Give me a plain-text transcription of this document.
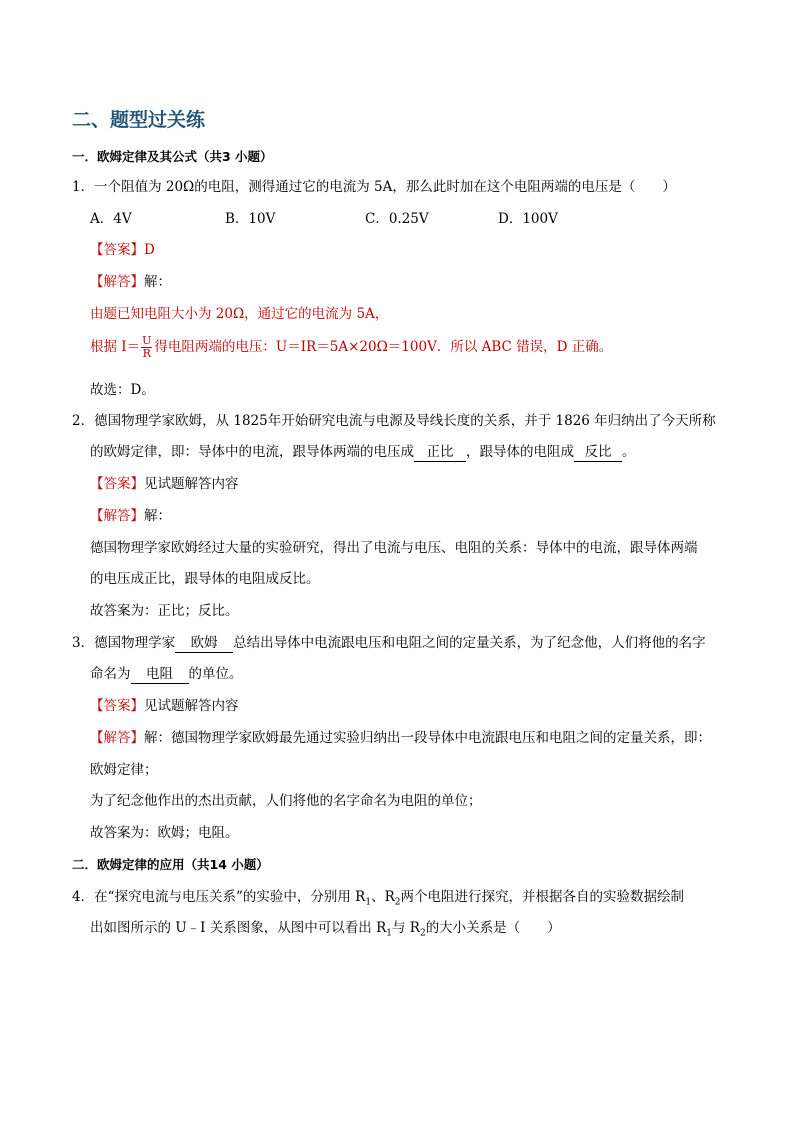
二、题型过关练
一．欧姆定律及其公式（共3 小题）
1．一个阻值为 20Ω的电阻，测得通过它的电流为 5A，那么此时加在这个电阻两端的电压是（　　）
A．4V	B．10V	C．0.25V	D．100V
【答案】D
【解答】解：
由题已知电阻大小为 20Ω，通过它的电流为 5A，
根据 $I= \frac{U}{R}$ 得电阻两端的电压：U＝IR＝5A×20Ω＝100V．所以 ABC 错误，D 正确。
故选：D。
2．德国物理学家欧姆，从 1825年开始研究电流与电源及导线长度的关系，并于 1826 年归纳出了今天所称
的欧姆定律，即：导体中的电流，跟导体两端的电压成 正比 ，跟导体的电阻成 反比 。
【答案】见试题解答内容
【解答】解：
德国物理学家欧姆经过大量的实验研究，得出了电流与电压、电阻的关系：导体中的电流，跟导体两端
的电压成正比，跟导体的电阻成反比。
故答案为：正比；反比。
3．德国物理学家 欧姆 总结出导体中电流跟电压和电阻之间的定量关系，为了纪念他，人们将他的名字
命名为 电阻 的单位。
【答案】见试题解答内容
【解答】解：德国物理学家欧姆最先通过实验归纳出一段导体中电流跟电压和电阻之间的定量关系，即：
欧姆定律；
为了纪念他作出的杰出贡献，人们将他的名字命名为电阻的单位；
故答案为：欧姆；电阻。
二．欧姆定律的应用（共14 小题）
4．在“探究电流与电压关系”的实验中，分别用 $R_1$、$R_2$两个电阻进行探究，并根据各自的实验数据绘制
出如图所示的 U﹣I 关系图象，从图中可以看出 $R_1$与 $R_2$的大小关系是（　　）
